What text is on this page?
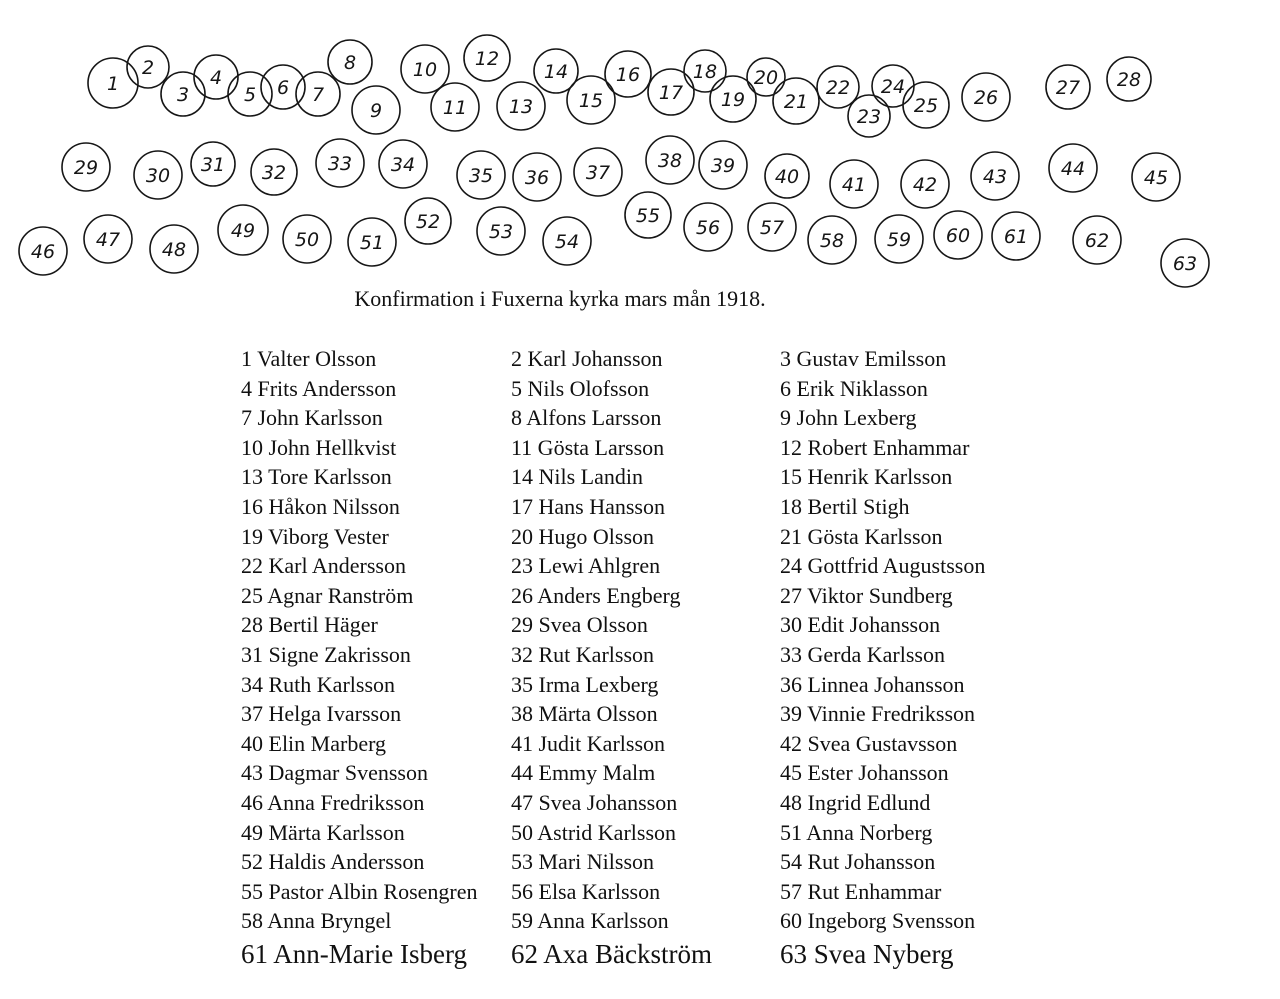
1
2
3
4
5 6 7
8
9
10
11
12
13
14
15
16
17
18
19
20
21
22
23
24
25 26	27 28
29	30 31 32 33 34	35 36 37
38 39 40 41 42 43	44	45
46
47 48
49 50 51
52	53 54
55
56 57
58 59 60 61	62
63
Konfirmation i Fuxerna kyrka mars mån 1918.
1 Valter Olsson	2 Karl Johansson	3 Gustav Emilsson
4 Frits Andersson	5 Nils Olofsson	6 Erik Niklasson
7 John Karlsson	8 Alfons Larsson	9 John Lexberg
10 John Hellkvist	11 Gösta Larsson	12 Robert Enhammar
13 Tore Karlsson	14 Nils Landin	15 Henrik Karlsson
16 Håkon Nilsson	17 Hans Hansson	18 Bertil Stigh
19 Viborg Vester	20 Hugo Olsson	21 Gösta Karlsson
22 Karl Andersson	23 Lewi Ahlgren	24 Gottfrid Augustsson
25 Agnar Ranström	26 Anders Engberg	27 Viktor Sundberg
28 Bertil Häger	29 Svea Olsson	30 Edit Johansson
31 Signe Zakrisson	32 Rut Karlsson	33 Gerda Karlsson
34 Ruth Karlsson	35 Irma Lexberg	36 Linnea Johansson
37 Helga Ivarsson	38 Märta Olsson	39 Vinnie Fredriksson
40 Elin Marberg	41 Judit Karlsson	42 Svea Gustavsson
43 Dagmar Svensson	44 Emmy Malm	45 Ester Johansson
46 Anna Fredriksson	47 Svea Johansson	48 Ingrid Edlund
49 Märta Karlsson	50 Astrid Karlsson	51 Anna Norberg
52 Haldis Andersson	53 Mari Nilsson	54 Rut Johansson
55 Pastor Albin Rosengren 56 Elsa Karlsson	57 Rut Enhammar
58 Anna Bryngel	59 Anna Karlsson	60 Ingeborg Svensson
61 Ann-Marie Isberg 62 Axa Bäckström	63 Svea Nyberg
